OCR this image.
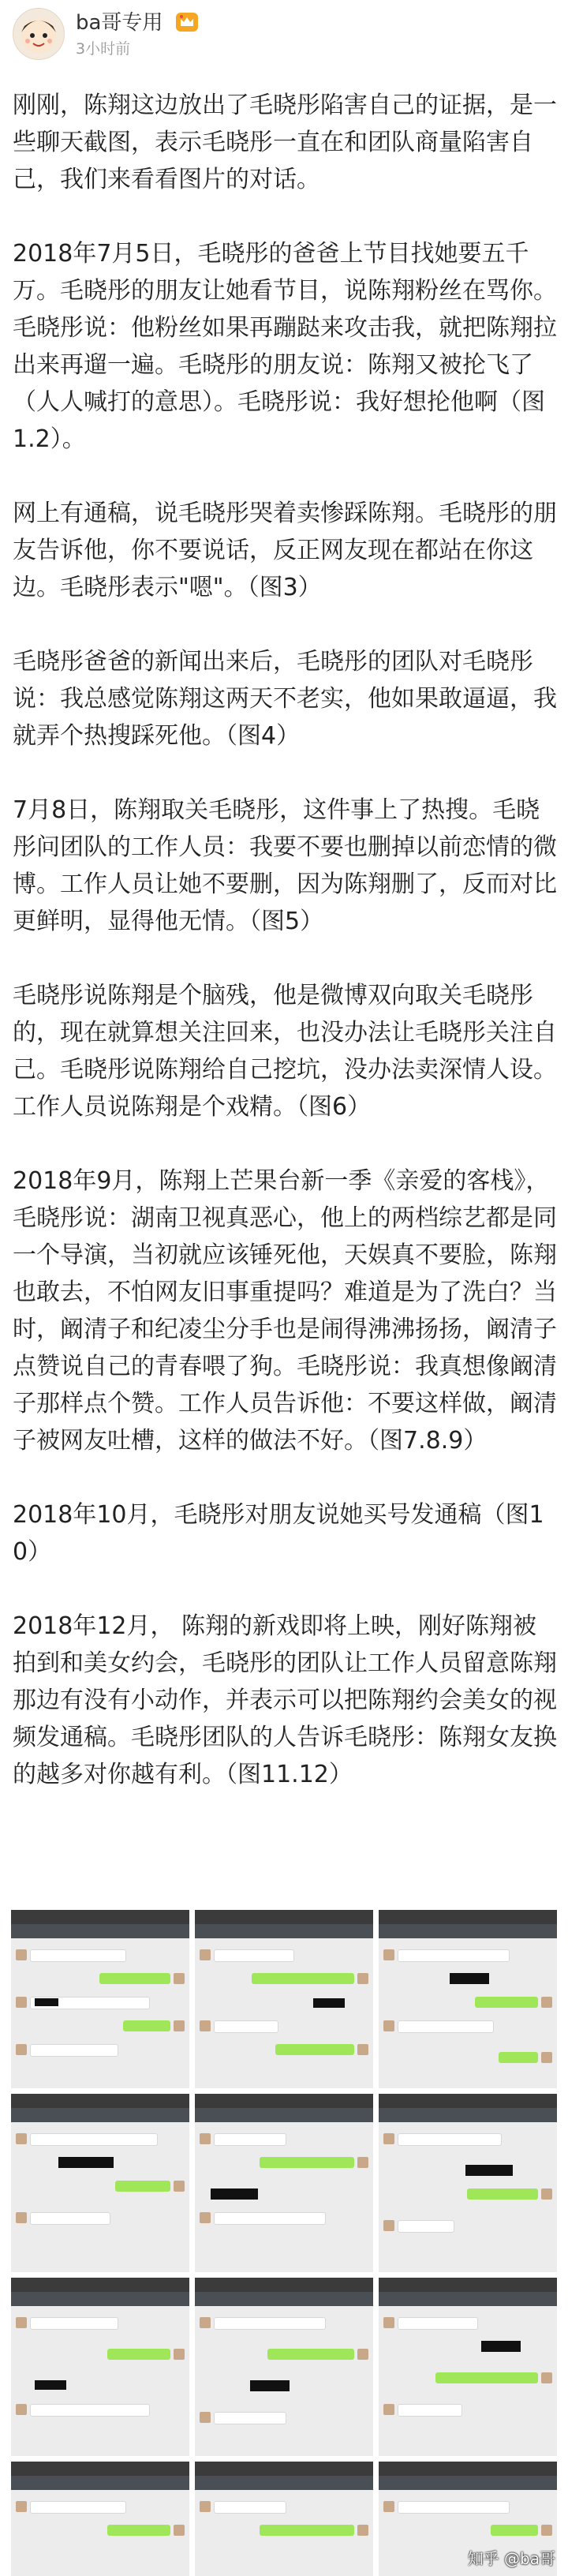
ba哥专用
3小时前

刚刚，陈翔这边放出了毛晓彤陷害自己的证据，是一些聊天截图，表示毛晓彤一直在和团队商量陷害自己，我们来看看图片的对话。

2018年7月5日，毛晓彤的爸爸上节目找她要五千万。毛晓彤的朋友让她看节目，说陈翔粉丝在骂你。毛晓彤说：他粉丝如果再蹦跶来攻击我，就把陈翔拉出来再遛一遍。毛晓彤的朋友说：陈翔又被抡飞了（人人喊打的意思）。毛晓彤说：我好想抡他啊（图1.2）。

网上有通稿，说毛晓彤哭着卖惨踩陈翔。毛晓彤的朋友告诉他，你不要说话，反正网友现在都站在你这边。毛晓彤表示"嗯"。（图3）

毛晓彤爸爸的新闻出来后，毛晓彤的团队对毛晓彤说：我总感觉陈翔这两天不老实，他如果敢逼逼，我就弄个热搜踩死他。（图4）

7月8日，陈翔取关毛晓彤，这件事上了热搜。毛晓彤问团队的工作人员：我要不要也删掉以前恋情的微博。工作人员让她不要删，因为陈翔删了，反而对比更鲜明，显得他无情。（图5）

毛晓彤说陈翔是个脑残，他是微博双向取关毛晓彤的，现在就算想关注回来，也没办法让毛晓彤关注自己。毛晓彤说陈翔给自己挖坑，没办法卖深情人设。工作人员说陈翔是个戏精。（图6）

2018年9月，陈翔上芒果台新一季《亲爱的客栈》，毛晓彤说：湖南卫视真恶心，他上的两档综艺都是同一个导演，当初就应该锤死他，天娱真不要脸，陈翔也敢去，不怕网友旧事重提吗？难道是为了洗白？当时，阚清子和纪凌尘分手也是闹得沸沸扬扬，阚清子点赞说自己的青春喂了狗。毛晓彤说：我真想像阚清子那样点个赞。工作人员告诉他：不要这样做，阚清子被网友吐槽，这样的做法不好。（图7.8.9）

2018年10月，毛晓彤对朋友说她买号发通稿（图10）

2018年12月， 陈翔的新戏即将上映，刚好陈翔被拍到和美女约会，毛晓彤的团队让工作人员留意陈翔那边有没有小动作，并表示可以把陈翔约会美女的视频发通稿。毛晓彤团队的人告诉毛晓彤：陈翔女友换的越多对你越有利。（图11.12）

知乎 @ba哥
